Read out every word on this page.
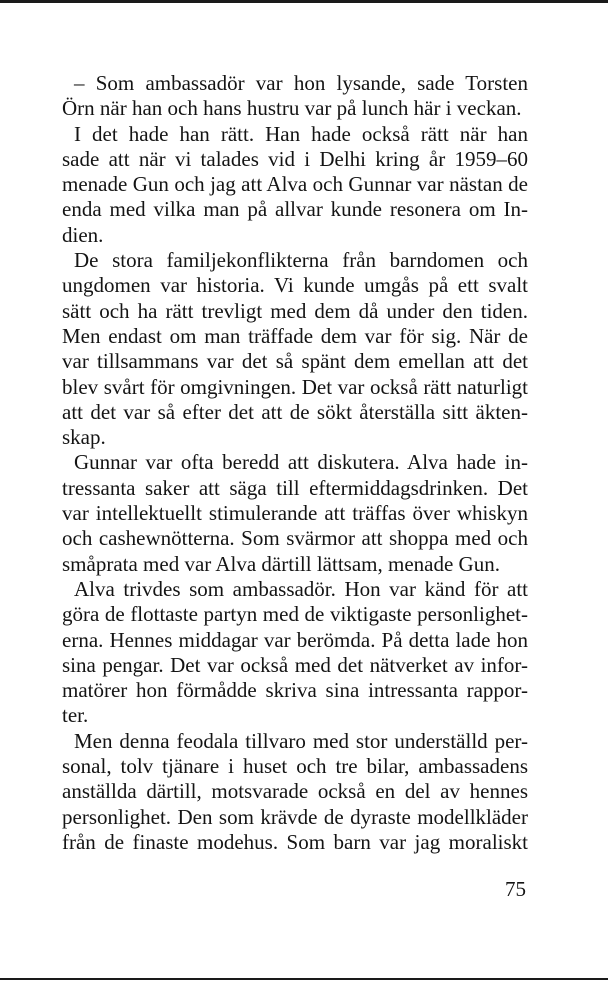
– Som ambassadör var hon lysande, sade Torsten
Örn när han och hans hustru var på lunch här i veckan.
I det hade han rätt. Han hade också rätt när han
sade att när vi talades vid i Delhi kring år 1959–60
menade Gun och jag att Alva och Gunnar var nästan de
enda med vilka man på allvar kunde resonera om In-
dien.
De stora familjekonflikterna från barndomen och
ungdomen var historia. Vi kunde umgås på ett svalt
sätt och ha rätt trevligt med dem då under den tiden.
Men endast om man träffade dem var för sig. När de
var tillsammans var det så spänt dem emellan att det
blev svårt för omgivningen. Det var också rätt naturligt
att det var så efter det att de sökt återställa sitt äkten-
skap.
Gunnar var ofta beredd att diskutera. Alva hade in-
tressanta saker att säga till eftermiddagsdrinken. Det
var intellektuellt stimulerande att träffas över whiskyn
och cashewnötterna. Som svärmor att shoppa med och
småprata med var Alva därtill lättsam, menade Gun.
Alva trivdes som ambassadör. Hon var känd för att
göra de flottaste partyn med de viktigaste personlighet-
erna. Hennes middagar var berömda. På detta lade hon
sina pengar. Det var också med det nätverket av infor-
matörer hon förmådde skriva sina intressanta rappor-
ter.
Men denna feodala tillvaro med stor underställd per-
sonal, tolv tjänare i huset och tre bilar, ambassadens
anställda därtill, motsvarade också en del av hennes
personlighet. Den som krävde de dyraste modellkläder
från de finaste modehus. Som barn var jag moraliskt
75
